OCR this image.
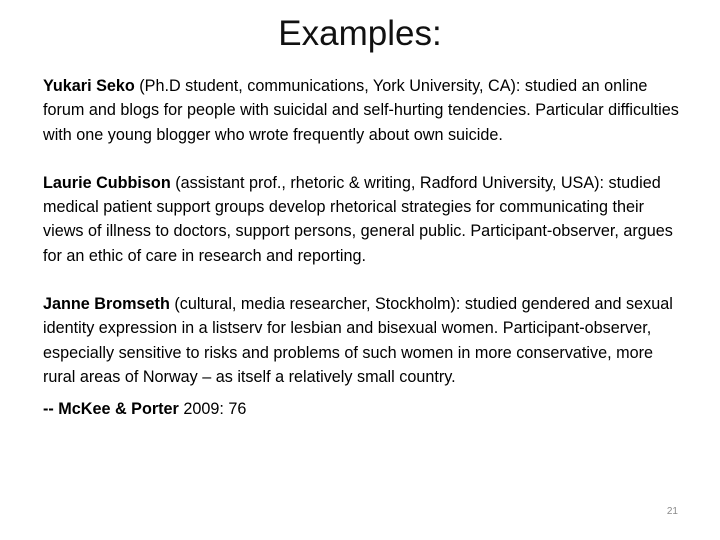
Examples:

Yukari Seko (Ph.D student, communications, York University, CA): studied an online forum and blogs for people with suicidal and self-hurting tendencies. Particular difficulties with one young blogger who wrote frequently about own suicide.

Laurie Cubbison (assistant prof., rhetoric & writing, Radford University, USA): studied medical patient support groups develop rhetorical strategies for communicating their views of illness to doctors, support persons, general public. Participant-observer, argues for an ethic of care in research and reporting.

Janne Bromseth (cultural, media researcher, Stockholm): studied gendered and sexual identity expression in a listserv for lesbian and bisexual women. Participant-observer, especially sensitive to risks and problems of such women in more conservative, more rural areas of Norway – as itself a relatively small country.

-- McKee & Porter 2009: 76

21
